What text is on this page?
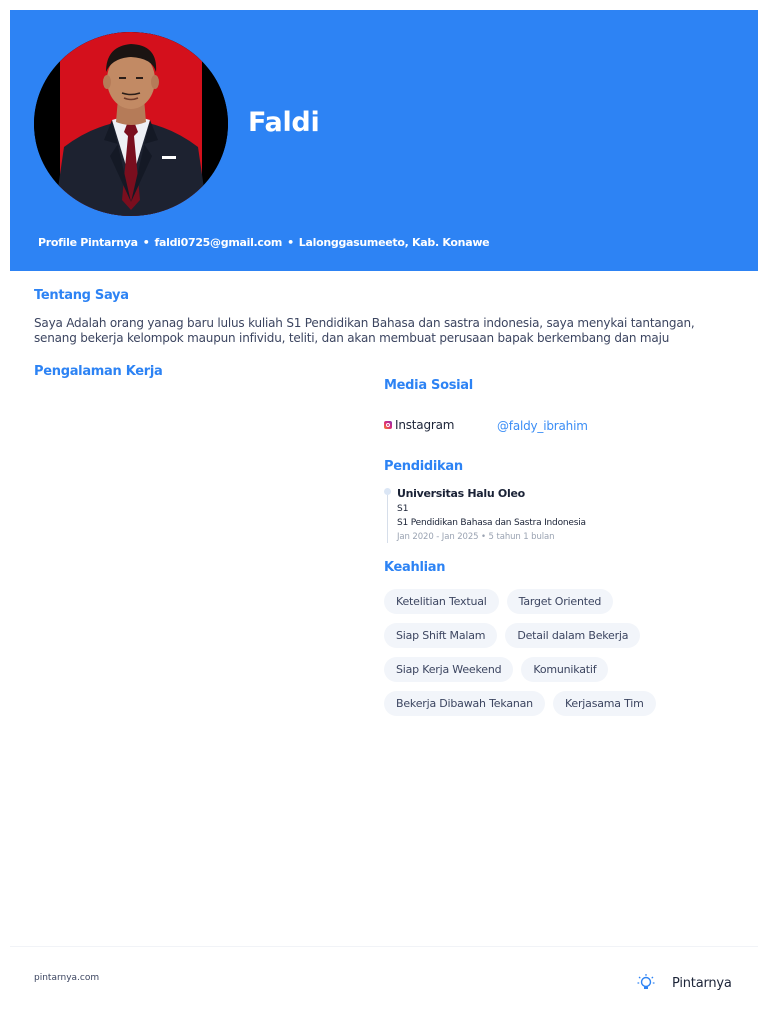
Faldi
Profile Pintarnya • faldi0725@gmail.com • Lalonggasumeeto, Kab. Konawe
Tentang Saya
Saya Adalah orang yanag baru lulus kuliah S1 Pendidikan Bahasa dan sastra indonesia, saya menykai tantangan,
senang bekerja kelompok maupun infividu, teliti, dan akan membuat perusaan bapak berkembang dan maju
Pengalaman Kerja
Media Sosial
Instagram	@faldy_ibrahim
Pendidikan
Universitas Halu Oleo
S1
S1 Pendidikan Bahasa dan Sastra Indonesia
Jan 2020 - Jan 2025 • 5 tahun 1 bulan
Keahlian
Ketelitian Textual	Target Oriented
Siap Shift Malam	Detail dalam Bekerja
Siap Kerja Weekend	Komunikatif
Bekerja Dibawah Tekanan	Kerjasama Tim
pintarnya.com	Pintarnya
